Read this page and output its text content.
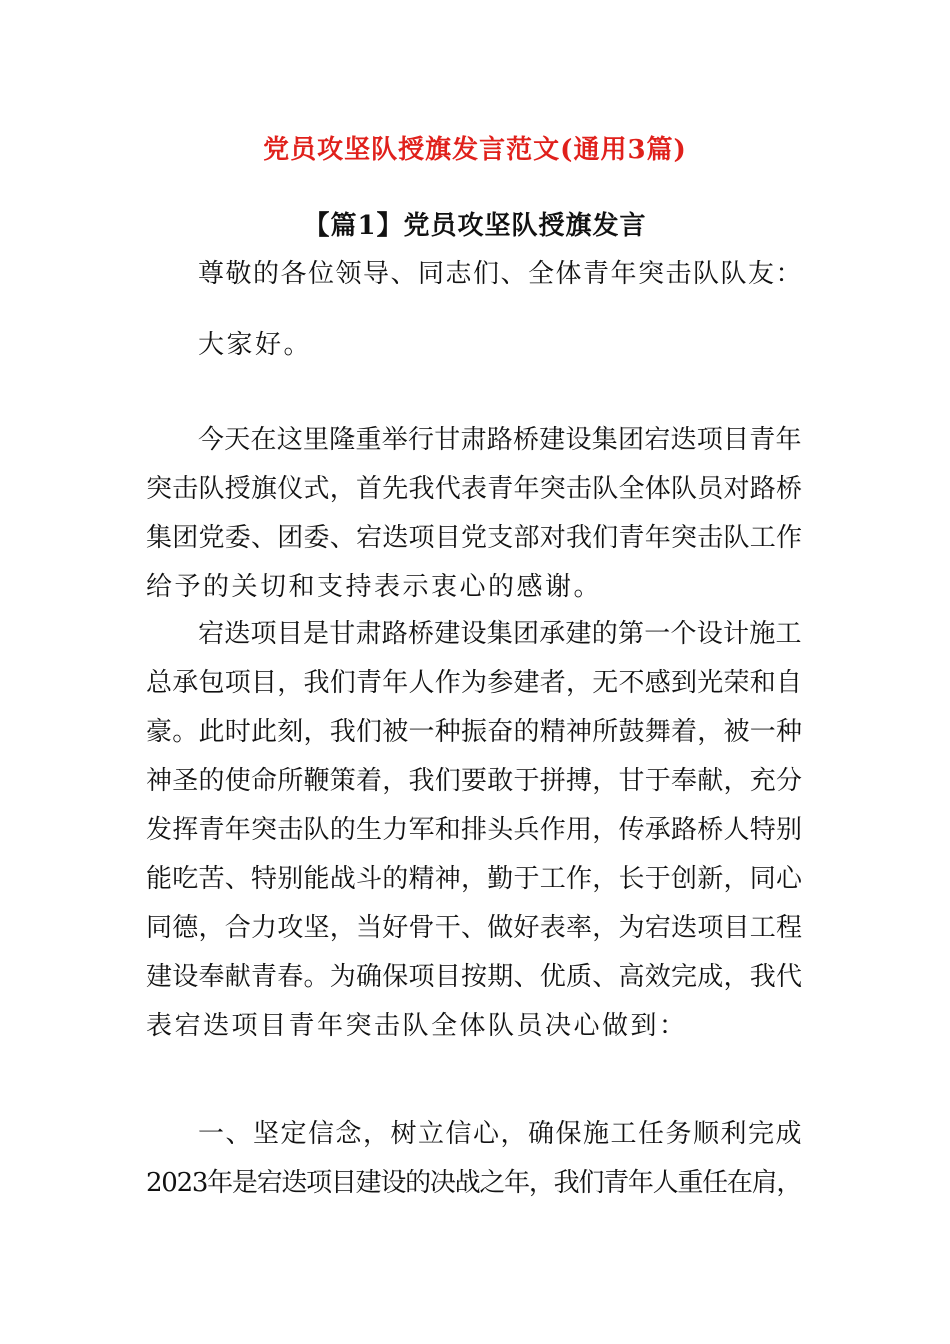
党员攻坚队授旗发言范文(通用3篇)
【篇1】党员攻坚队授旗发言

尊敬的各位领导、同志们、全体青年突击队队友：

大家好。

今天在这里隆重举行甘肃路桥建设集团宕迭项目青年
突击队授旗仪式，首先我代表青年突击队全体队员对路桥
集团党委、团委、宕迭项目党支部对我们青年突击队工作
给予的关切和支持表示衷心的感谢。

宕迭项目是甘肃路桥建设集团承建的第一个设计施工
总承包项目，我们青年人作为参建者，无不感到光荣和自
豪。此时此刻，我们被一种振奋的精神所鼓舞着，被一种
神圣的使命所鞭策着，我们要敢于拼搏，甘于奉献，充分
发挥青年突击队的生力军和排头兵作用，传承路桥人特别
能吃苦、特别能战斗的精神，勤于工作，长于创新，同心
同德，合力攻坚，当好骨干、做好表率，为宕迭项目工程
建设奉献青春。为确保项目按期、优质、高效完成，我代
表宕迭项目青年突击队全体队员决心做到：

一、坚定信念，树立信心，确保施工任务顺利完成
2023年是宕迭项目建设的决战之年，我们青年人重任在肩，
